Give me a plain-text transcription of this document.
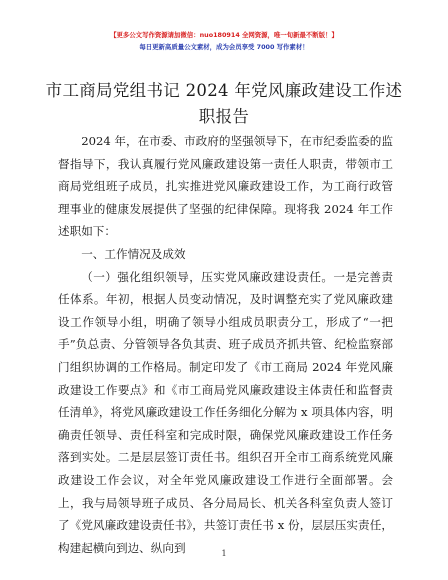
【更多公文写作资源请加微信：nuo180914 全网资源，唯一旬新最不断版！】
每日更新高质量公文素材，成为会员享受 7000 写作素材！
市工商局党组书记 2024 年党风廉政建设工作述职报告

2024 年，在市委、市政府的坚强领导下，在市纪委监委的监督指导下，我认真履行党风廉政建设第一责任人职责，带领市工商局党组班子成员，扎实推进党风廉政建设工作，为工商行政管理事业的健康发展提供了坚强的纪律保障。现将我 2024 年工作述职如下：

一、工作情况及成效

（一）强化组织领导，压实党风廉政建设责任。一是完善责任体系。年初，根据人员变动情况，及时调整充实了党风廉政建设工作领导小组，明确了领导小组成员职责分工，形成了“一把手”负总责、分管领导各负其责、班子成员齐抓共管、纪检监察部门组织协调的工作格局。制定印发了《市工商局 2024 年党风廉政建设工作要点》和《市工商局党风廉政建设主体责任和监督责任清单》，将党风廉政建设工作任务细化分解为 x 项具体内容，明确责任领导、责任科室和完成时限，确保党风廉政建设工作任务落到实处。二是层层签订责任书。组织召开全市工商系统党风廉政建设工作会议，对全年党风廉政建设工作进行全面部署。会上，我与局领导班子成员、各分局局长、机关各科室负责人签订了《党风廉政建设责任书》，共签订责任书 x 份，层层压实责任，构建起横向到边、纵向到	1
